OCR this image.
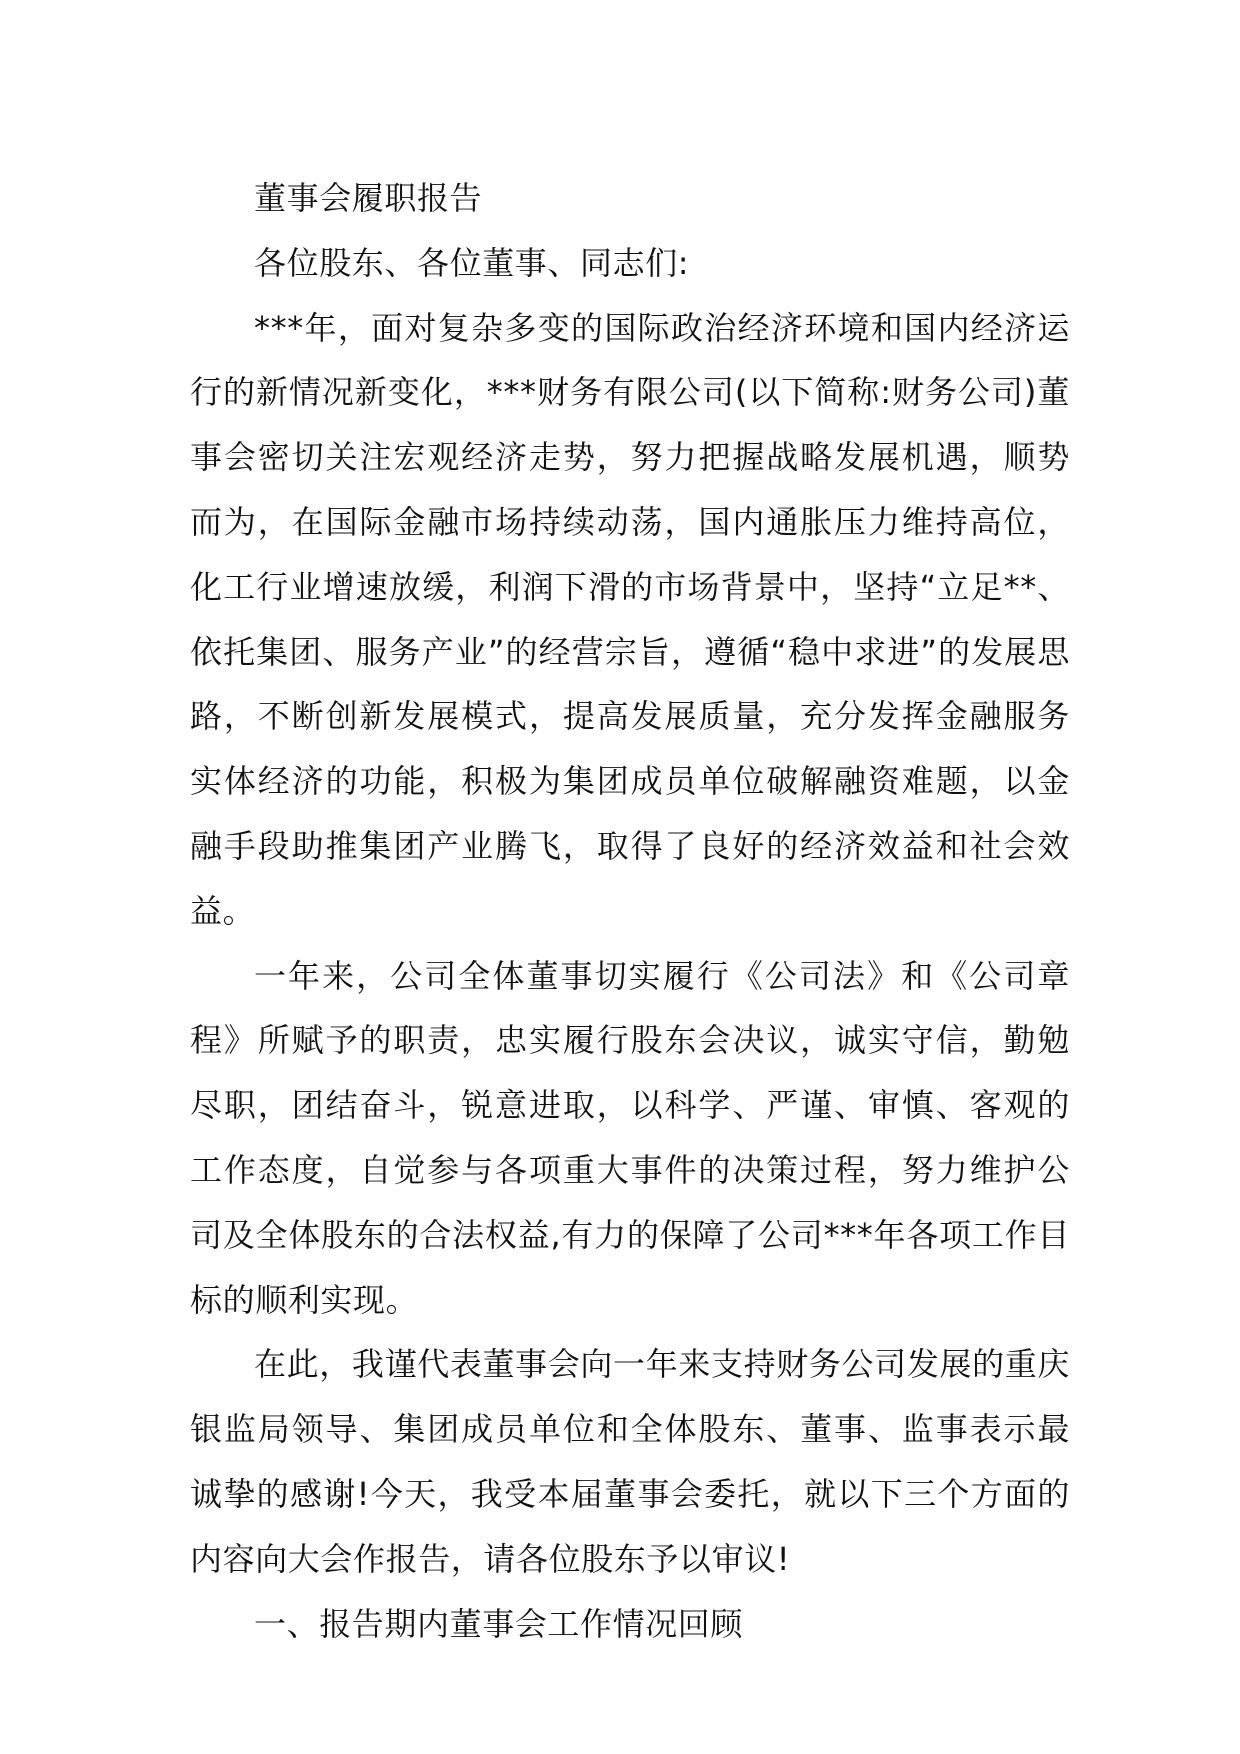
董事会履职报告

各位股东、各位董事、同志们:

***年，面对复杂多变的国际政治经济环境和国内经济运行的新情况新变化，***财务有限公司(以下简称:财务公司)董事会密切关注宏观经济走势，努力把握战略发展机遇，顺势而为，在国际金融市场持续动荡，国内通胀压力维持高位，化工行业增速放缓，利润下滑的市场背景中，坚持“立足**、依托集团、服务产业”的经营宗旨，遵循“稳中求进”的发展思路，不断创新发展模式，提高发展质量，充分发挥金融服务实体经济的功能，积极为集团成员单位破解融资难题，以金融手段助推集团产业腾飞，取得了良好的经济效益和社会效益。

一年来，公司全体董事切实履行《公司法》和《公司章程》所赋予的职责，忠实履行股东会决议，诚实守信，勤勉尽职，团结奋斗，锐意进取，以科学、严谨、审慎、客观的工作态度，自觉参与各项重大事件的决策过程，努力维护公司及全体股东的合法权益,有力的保障了公司***年各项工作目标的顺利实现。

在此，我谨代表董事会向一年来支持财务公司发展的重庆银监局领导、集团成员单位和全体股东、董事、监事表示最诚挚的感谢!今天，我受本届董事会委托，就以下三个方面的内容向大会作报告，请各位股东予以审议!

一、报告期内董事会工作情况回顾
